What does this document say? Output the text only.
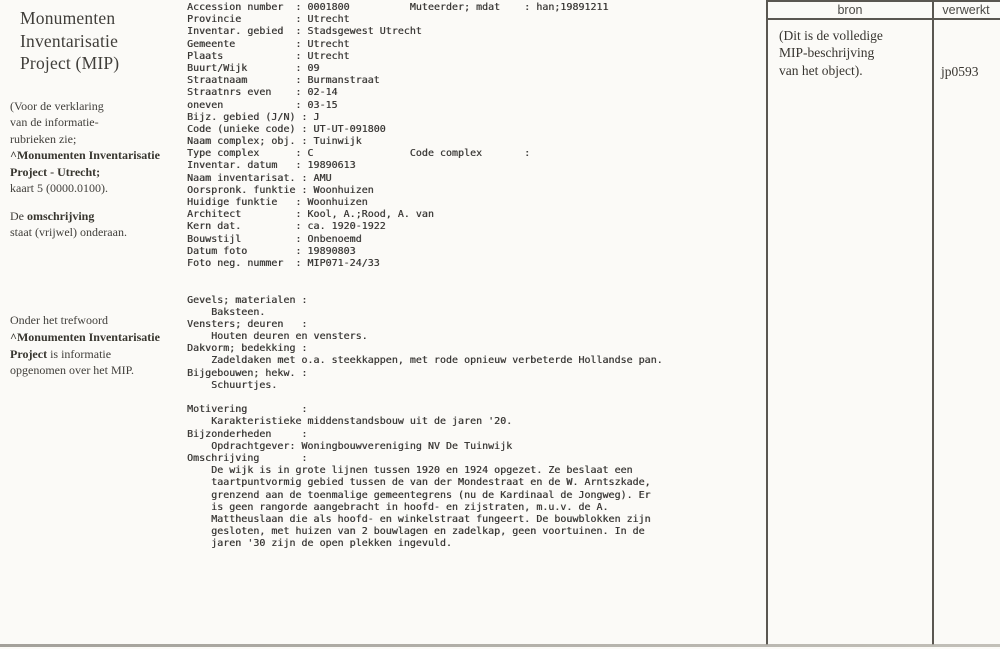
Monumenten
Inventarisatie
Project (MIP)
(Voor de verklaring
van de informatie-
rubrieken zie;
^Monumenten Inventarisatie
Project - Utrecht;
kaart 5 (0000.0100).
De omschrijving
staat (vrijwel) onderaan.
Onder het trefwoord
^Monumenten Inventarisatie
Project is informatie
opgenomen over het MIP.
Accession number  : 0001800          Muteerder; mdat    : han;19891211
Provincie         : Utrecht
Inventar. gebied  : Stadsgewest Utrecht
Gemeente          : Utrecht
Plaats            : Utrecht
Buurt/Wijk        : 09
Straatnaam        : Burmanstraat
Straatnrs even    : 02-14
oneven            : 03-15
Bijz. gebied (J/N) : J
Code (unieke code) : UT-UT-091800
Naam complex; obj. : Tuinwijk
Type complex      : C                Code complex       :
Inventar. datum   : 19890613
Naam inventarisat. : AMU
Oorspronk. funktie : Woonhuizen
Huidige funktie   : Woonhuizen
Architect         : Kool, A.;Rood, A. van
Kern dat.         : ca. 1920-1922
Bouwstijl         : Onbenoemd
Datum foto        : 19890803
Foto neg. nummer  : MIP071-24/33

Gevels; materialen :
Baksteen.
Vensters; deuren   :
Houten deuren en vensters.
Dakvorm; bedekking :
Zadeldaken met o.a. steekkappen, met rode opnieuw verbeterde Hollandse pan.
Bijgebouwen; hekw. :
Schuurtjes.

Motivering         :
Karakteristieke middenstandsbouw uit de jaren '20.
Bijzonderheden     :
Opdrachtgever: Woningbouwvereniging NV De Tuinwijk
Omschrijving       :
De wijk is in grote lijnen tussen 1920 en 1924 opgezet. Ze beslaat een
taartpuntvormig gebied tussen de van der Mondestraat en de W. Arntszkade,
grenzend aan de toenmalige gemeentegrens (nu de Kardinaal de Jongweg). Er
is geen rangorde aangebracht in hoofd- en zijstraten, m.u.v. de A.
Mattheuslaan die als hoofd- en winkelstraat fungeert. De bouwblokken zijn
gesloten, met huizen van 2 bouwlagen en zadelkap, geen voortuinen. In de
jaren '30 zijn de open plekken ingevuld.
bron	verwerkt
(Dit is de volledige
MIP-beschrijving
van het object).	jp0593
